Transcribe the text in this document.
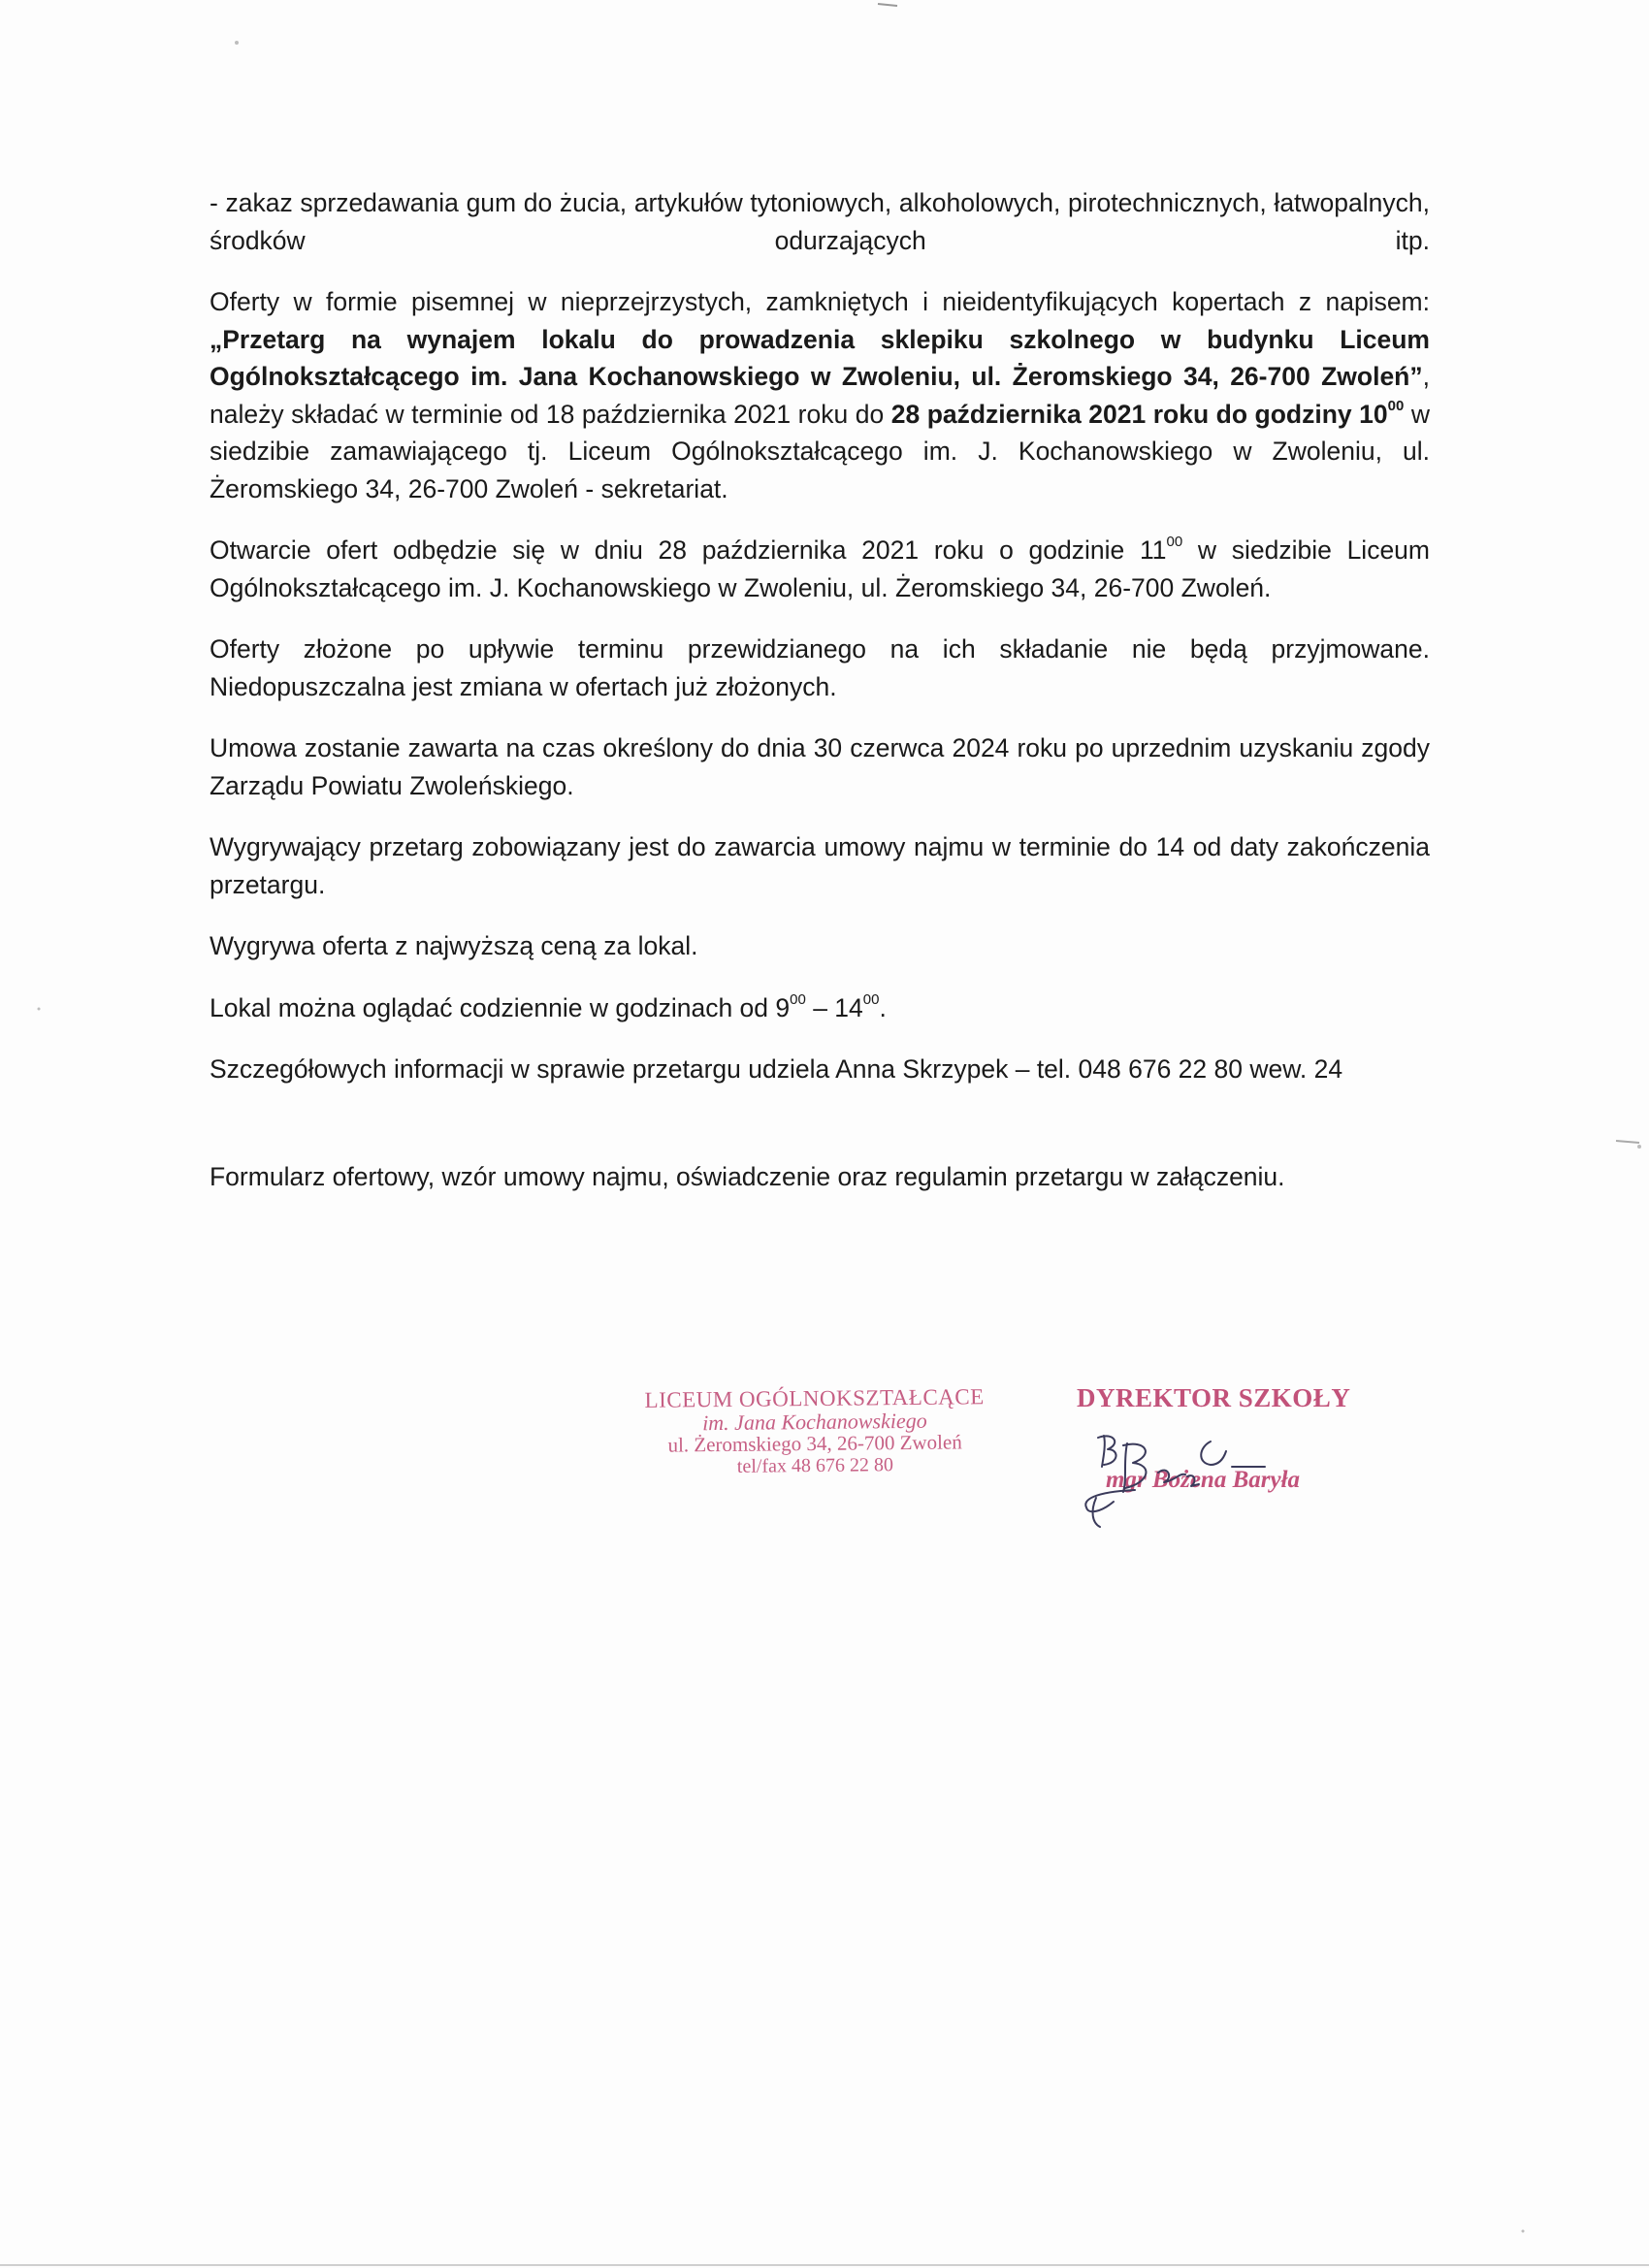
- zakaz sprzedawania gum do żucia, artykułów tytoniowych, alkoholowych, pirotechnicznych, łatwopalnych, środków odurzających itp.

Oferty w formie pisemnej w nieprzejrzystych, zamkniętych i nieidentyfikujących kopertach z napisem: „Przetarg na wynajem lokalu do prowadzenia sklepiku szkolnego w budynku Liceum Ogólnokształcącego im. Jana Kochanowskiego w Zwoleniu, ul. Żeromskiego 34, 26-700 Zwoleń”, należy składać w terminie od 18 października 2021 roku do 28 października 2021 roku do godziny $10^{00}$ w siedzibie zamawiającego tj. Liceum Ogólnokształcącego im. J. Kochanowskiego w Zwoleniu, ul. Żeromskiego 34, 26-700 Zwoleń - sekretariat.

Otwarcie ofert odbędzie się w dniu 28 października 2021 roku o godzinie $11^{00}$ w siedzibie Liceum Ogólnokształcącego im. J. Kochanowskiego w Zwoleniu, ul. Żeromskiego 34, 26-700 Zwoleń.

Oferty złożone po upływie terminu przewidzianego na ich składanie nie będą przyjmowane. Niedopuszczalna jest zmiana w ofertach już złożonych.

Umowa zostanie zawarta na czas określony do dnia 30 czerwca 2024 roku po uprzednim uzyskaniu zgody Zarządu Powiatu Zwoleńskiego.

Wygrywający przetarg zobowiązany jest do zawarcia umowy najmu w terminie do 14 od daty zakończenia przetargu.

Wygrywa oferta z najwyższą ceną za lokal.

Lokal można oglądać codziennie w godzinach od $9^{00} - 14^{00}$.

Szczegółowych informacji w sprawie przetargu udziela Anna Skrzypek – tel. 048 676 22 80 wew. 24

Formularz ofertowy, wzór umowy najmu, oświadczenie oraz regulamin przetargu w załączeniu.

LICEUM OGÓLNOKSZTAŁCĄCE
im. Jana Kochanowskiego
ul. Żeromskiego 34, 26-700 Zwoleń
tel/fax 48 676 22 80
DYREKTOR SZKOŁY
mgr Bożena Baryła
